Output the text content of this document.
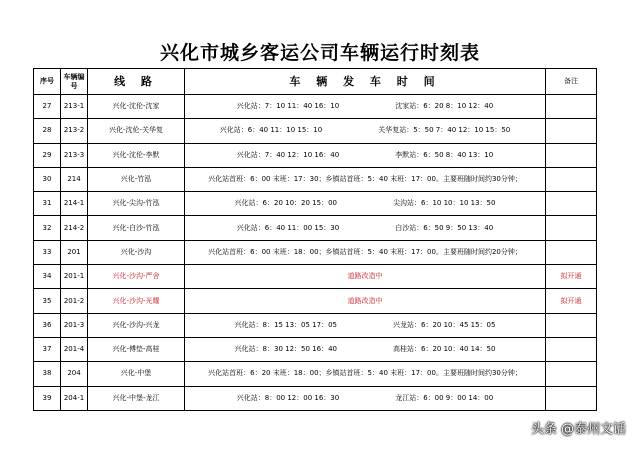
兴化市城乡客运公司车辆运行时刻表
序号	车辆编号	线 路	车 辆 发 车 时 间	备注
27	213-1	兴化-沈伦-沈家	兴化站：7：10 11：40 16：10 沈家站：6：20 8：10 12：40	
28	213-2	兴化-沈伦-关华复	兴化站：6：40 11：10 15：10 关华复站：5：50 7：40 12：10 15：50	
29	213-3	兴化-沈伦-李默	兴化站：7：40 12：10 16：40 李默站：6：50 8：40 13：10	
30	214	兴化-竹泓	兴化站首班：6：00 末班：17：30；乡镇站首班：5：40 末班：17：00。主要班随时间约30分钟；	
31	214-1	兴化-尖沟-竹泓	兴化站：6：20 10：20 15：00 尖沟站：6：10 10：10 13：50	
32	214-2	兴化-白沙-竹泓	兴化站：6：40 11：00 15：30 白沙站：6：50 9：50 13：40	
33	201	兴化-沙沟	兴化站首班：6：00 末班：18：00；乡镇站首班：5：40 末班：17：00。主要班随时间约20分钟；	
34	201-1	兴化-沙沟-严舍	道路改造中	拟开通
35	201-2	兴化-沙沟-光耀	道路改造中	拟开通
36	201-3	兴化-沙沟-兴龙	兴化站：8：15 13：05 17：05 兴龙站：6：20 10：45 15：05	
37	201-4	兴化-傅垫-高桂	兴化站：8：30 12：50 16：40 高桂站：6：20 10：40 14：50	
38	204	兴化-中堡	兴化站首班：6：20 末班：18：00；乡镇站首班：5：40 末班：17：00。主要班随时间约30分钟；	
39	204-1	兴化-中堡-龙江	兴化站：8：00 12：00 16：30 龙江站：6：00 9：00 14：00	
头条 @泰州文话
